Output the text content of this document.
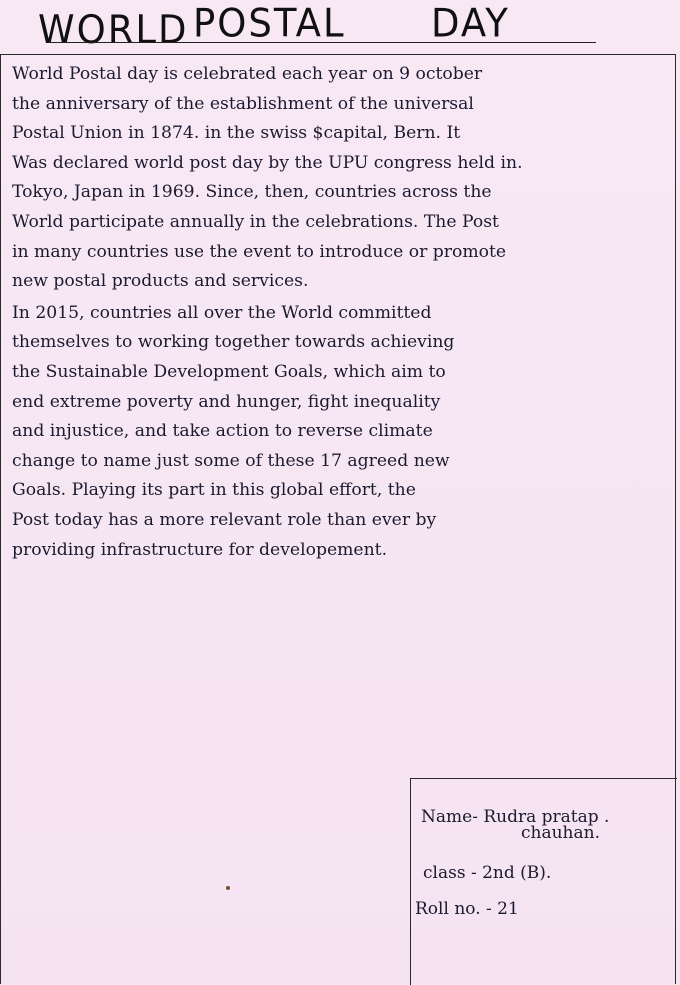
WORLD POSTAL DAY
World Postal day is celebrated each year on 9 october
the anniversary of the establishment of the universal
Postal Union in 1874. in the swiss $capital, Bern. It
Was declared world post day by the UPU congress held in.
Tokyo, Japan in 1969. Since, then, countries across the
World participate annually in the celebrations. The Post
in many countries use the event to introduce or promote
new postal products and services.
In 2015, countries all over the World committed
themselves to working together towards achieving
the Sustainable Development Goals, which aim to
end extreme poverty and hunger, fight inequality
and injustice, and take action to reverse climate
change to name just some of these 17 agreed new
Goals. Playing its part in this global effort, the
Post today has a more relevant role than ever by
providing infrastructure for developement.
Name- Rudra pratap .
chauhan.
class - 2nd (B).
Roll no. - 21
